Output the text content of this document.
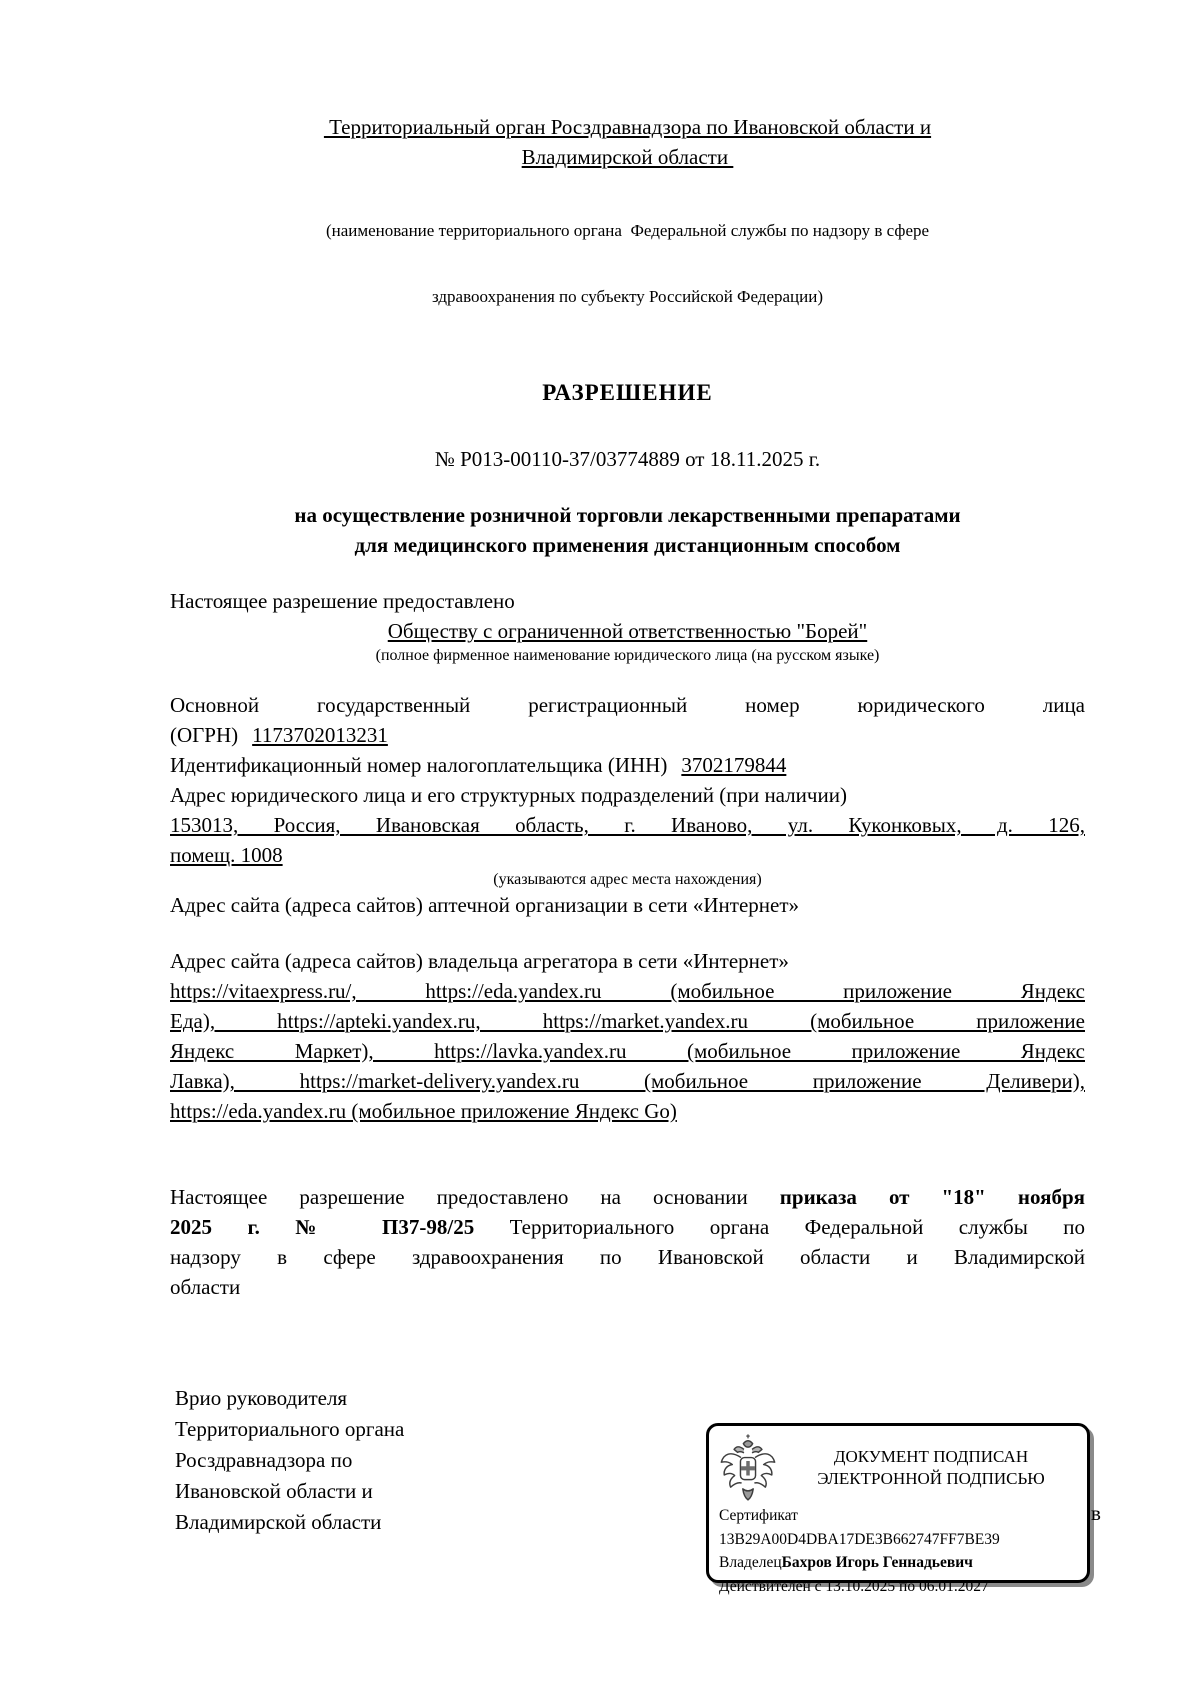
Территориальный орган Росздравнадзора по Ивановской области и
Владимирской области

(наименование территориального органа  Федеральной службы по надзору в сфере

здравоохранения по субъекту Российской Федерации)

РАЗРЕШЕНИЕ
№ Р013-00110-37/03774889 от 18.11.2025 г.
на осуществление розничной торговли лекарственными препаратами
для медицинского применения дистанционным способом
Настоящее разрешение предоставлено
Обществу с ограниченной ответственностью "Борей"
(полное фирменное наименование юридического лица (на русском языке)
Основной государственный регистрационный номер юридического лица
(ОГРН) 1173702013231
Идентификационный номер налогоплательщика (ИНН) 3702179844
Адрес юридического лица и его структурных подразделений (при наличии)
153013, Россия, Ивановская область, г. Иваново, ул. Куконковых, д. 126,
помещ. 1008
(указываются адрес места нахождения)
Адрес сайта (адреса сайтов) аптечной организации в сети «Интернет»
Адрес сайта (адреса сайтов) владельца агрегатора в сети «Интернет»
https://vitaexpress.ru/, https://eda.yandex.ru (мобильное приложение Яндекс
Еда), https://apteki.yandex.ru, https://market.yandex.ru (мобильное приложение
Яндекс Маркет), https://lavka.yandex.ru (мобильное приложение Яндекс
Лавка), https://market-delivery.yandex.ru (мобильное приложение Деливери),
https://eda.yandex.ru (мобильное приложение Яндекс Go)
Настоящее разрешение предоставлено на основании приказа от "18" ноября
2025 г. № П37-98/25 Территориального органа Федеральной службы по
надзору в сфере здравоохранения по Ивановской области и Владимирской
области
Врио руководителя
Территориального органа
Росздравнадзора по
Ивановской области и
Владимирской области
ДОКУМЕНТ ПОДПИСАН
ЭЛЕКТРОННОЙ ПОДПИСЬЮ
Сертификат 13B29A00D4DBA17DE3B662747FF7BE39
ВладелецБахров Игорь Геннадьевич
Действителен с 13.10.2025 по 06.01.2027
в
